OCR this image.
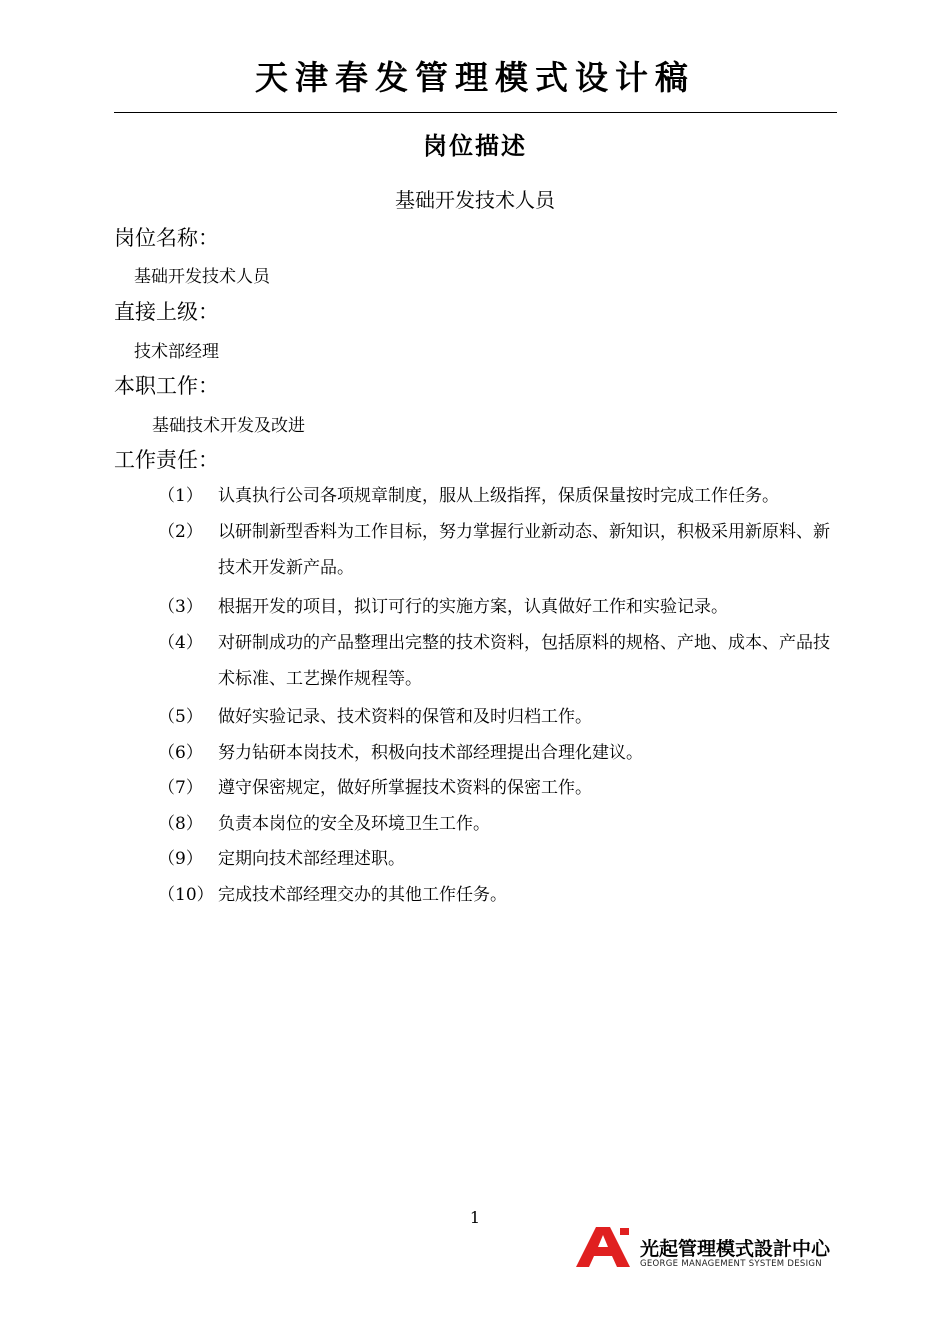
天津春发管理模式设计稿
岗位描述
基础开发技术人员
岗位名称：
基础开发技术人员
直接上级：
技术部经理
本职工作：
基础技术开发及改进
工作责任：
（1） 认真执行公司各项规章制度，服从上级指挥，保质保量按时完成工作任务。
（2） 以研制新型香料为工作目标，努力掌握行业新动态、新知识，积极采用新原料、新技术开发新产品。
（3） 根据开发的项目，拟订可行的实施方案，认真做好工作和实验记录。
（4） 对研制成功的产品整理出完整的技术资料，包括原料的规格、产地、成本、产品技术标准、工艺操作规程等。
（5） 做好实验记录、技术资料的保管和及时归档工作。
（6） 努力钻研本岗技术，积极向技术部经理提出合理化建议。
（7） 遵守保密规定，做好所掌握技术资料的保密工作。
（8） 负责本岗位的安全及环境卫生工作。
（9） 定期向技术部经理述职。
（10） 完成技术部经理交办的其他工作任务。
1
光起管理模式設計中心
GEORGE MANAGEMENT SYSTEM DESIGN
